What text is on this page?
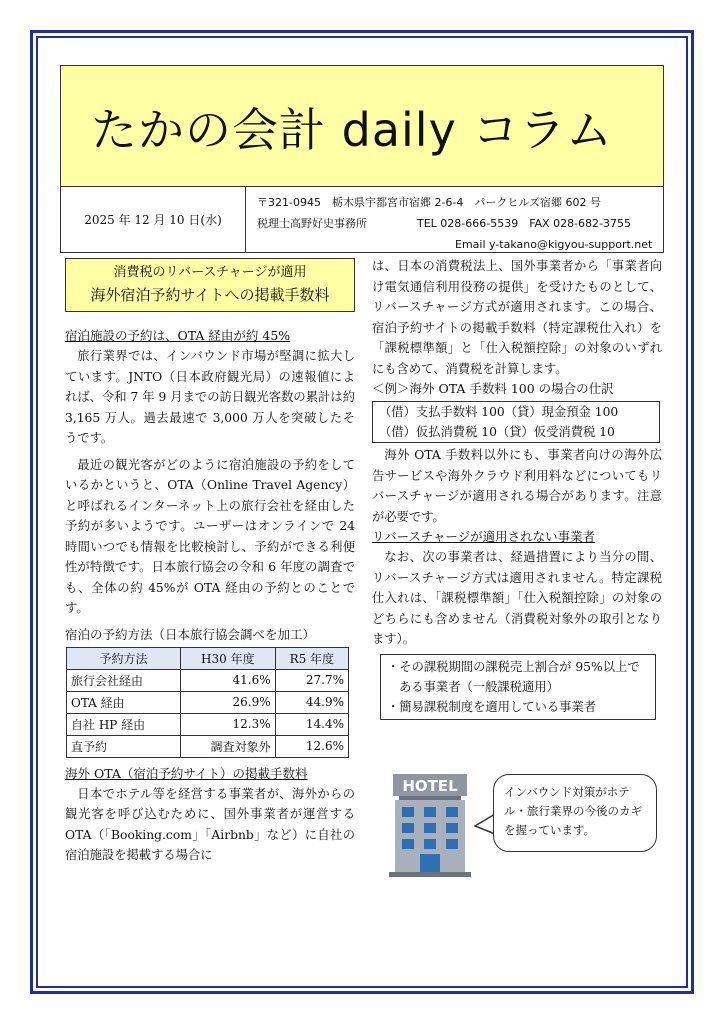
たかの会計 daily コラム
2025 年 12 月 10 日(水)
〒321-0945　栃木県宇都宮市宿郷 2-6-4　パークヒルズ宿郷 602 号
税理士高野好史事務所	TEL 028-666-5539　FAX 028-682-3755
Email y-takano@kigyou-support.net
消費税のリバースチャージが適用
海外宿泊予約サイトへの掲載手数料

宿泊施設の予約は、OTA 経由が約 45%

旅行業界では、インバウンド市場が堅調に拡大しています。JNTO（日本政府観光局）の速報値によれば、令和 7 年 9 月までの訪日観光客数の累計は約 3,165 万人。過去最速で 3,000 万人を突破したそうです。

最近の観光客がどのように宿泊施設の予約をしているかというと、OTA（Online Travel Agency）と呼ばれるインターネット上の旅行会社を経由した予約が多いようです。ユーザーはオンラインで 24 時間いつでも情報を比較検討し、予約ができる利便性が特徴です。日本旅行協会の令和 6 年度の調査でも、全体の約 45%が OTA 経由の予約とのことです。

宿泊の予約方法（日本旅行協会調べを加工）

予約方法	H30 年度	R5 年度
旅行会社経由	41.6%	27.7%
OTA 経由	26.9%	44.9%
自社 HP 経由	12.3%	14.4%
直予約	調査対象外	12.6%

海外 OTA（宿泊予約サイト）の掲載手数料

日本でホテル等を経営する事業者が、海外からの観光客を呼び込むために、国外事業者が運営する OTA（「Booking.com」「Airbnb」など）に自社の宿泊施設を掲載する場合に

は、日本の消費税法上、国外事業者から「事業者向け電気通信利用役務の提供」を受けたものとして、リバースチャージ方式が適用されます。この場合、宿泊予約サイトの掲載手数料（特定課税仕入れ）を「課税標準額」と「仕入税額控除」の対象のいずれにも含めて、消費税を計算します。

＜例＞海外 OTA 手数料 100 の場合の仕訳

（借）支払手数料 100（貸）現金預金 100
（借）仮払消費税 10（貸）仮受消費税 10

海外 OTA 手数料以外にも、事業者向けの海外広告サービスや海外クラウド利用料などについてもリバースチャージが適用される場合があります。注意が必要です。

リバースチャージが適用されない事業者

なお、次の事業者は、経過措置により当分の間、リバースチャージ方式は適用されません。特定課税仕入れは、「課税標準額」「仕入税額控除」の対象のどちらにも含めません（消費税対象外の取引となります）。

・その課税期間の課税売上割合が 95%以上である事業者（一般課税適用）
・簡易課税制度を適用している事業者
HOTEL	インバウンド対策がホテル・旅行業界の今後のカギを握っています。
